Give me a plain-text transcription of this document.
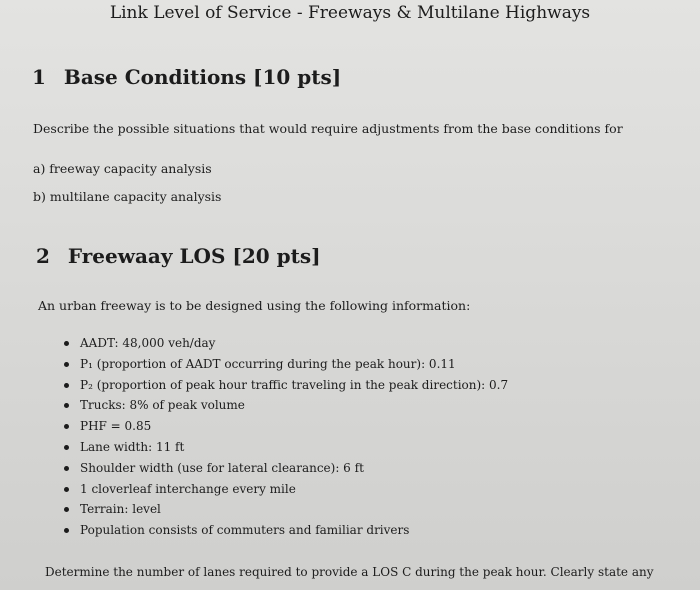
Link Level of Service - Freeways & Multilane Highways
1 Base Conditions [10 pts]
Describe the possible situations that would require adjustments from the base conditions for
a) freeway capacity analysis
b) multilane capacity analysis
2 Freewaay LOS [20 pts]
An urban freeway is to be designed using the following information:
AADT: 48,000 veh/day
P₁ (proportion of AADT occurring during the peak hour): 0.11
P₂ (proportion of peak hour traffic traveling in the peak direction): 0.7
Trucks: 8% of peak volume
PHF = 0.85
Lane width: 11 ft
Shoulder width (use for lateral clearance): 6 ft
1 cloverleaf interchange every mile
Terrain: level
Population consists of commuters and familiar drivers
Determine the number of lanes required to provide a LOS C during the peak hour. Clearly state any
